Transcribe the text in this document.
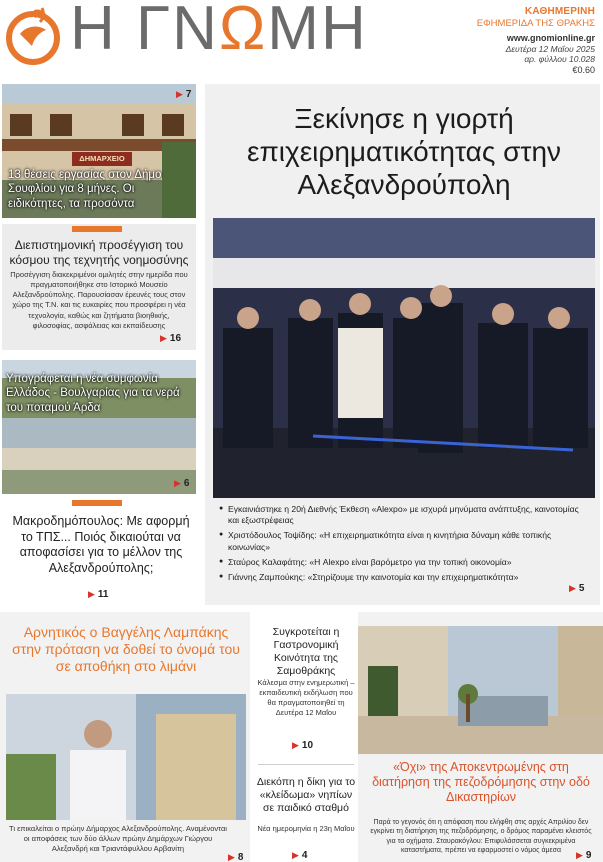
Η ΓΝΩΜΗ	ΚΑΘΗΜΕΡΙΝΗ
ΕΦΗΜΕΡΙΔΑ ΤΗΣ ΘΡΑΚΗΣ
www.gnomionline.gr
Δευτέρα 12 Μαΐου 2025
αρ. φύλλου 10.028
€0.60
ΔΗΜΑΡΧΕΙΟ
13 θέσεις εργασίας στον Δήμο Σουφλίου για 8 μήνες. Οι ειδικότητες, τα προσόντα
▶ 7
Διεπιστημονική προσέγγιση του κόσμου της τεχνητής νοημοσύνης
Προσέγγιση διακεκριμένοι ομιλητές στην ημερίδα που πραγματοποιήθηκε στο Ιστορικό Μουσείο Αλεξανδρούπολης. Παρουσίασαν έρευνές τους στον χώρο της Τ.Ν. και τις ευκαιρίες που προσφέρει η νέα τεχνολογία, καθώς και ζητήματα βιοηθικής, φιλοσοφίας, ασφάλειας και εκπαίδευσης
▶ 16
Υπογράφεται η νέα συμφωνία Ελλάδος - Βουλγαρίας για τα νερά του ποταμού Άρδα
▶ 6
Μακροδημόπουλος: Με αφορμή το ΤΠΣ... Ποιός δικαιούται να αποφασίσει για το μέλλον της Αλεξανδρούπολης;
▶ 11
Ξεκίνησε η γιορτή επιχειρηματικότητας στην Αλεξανδρούπολη
● Εγκαινιάστηκε η 20ή Διεθνής Έκθεση «Alexpo» με ισχυρά μηνύματα ανάπτυξης, καινοτομίας και εξωστρέφειας
● Χριστόδουλος Τοψίδης: «Η επιχειρηματικότητα είναι η κινητήρια δύναμη κάθε τοπικής κοινωνίας»
● Σταύρος Καλαφάτης: «Η Alexpo είναι βαρόμετρο για την τοπική οικονομία»
● Γιάννης Ζαμπούκης: «Στηρίζουμε την καινοτομία και την επιχειρηματικότητα»
▶ 5
Αρνητικός ο Βαγγέλης Λαμπάκης στην πρόταση να δοθεί το όνομά του σε αποθήκη στο λιμάνι
Τι επικαλείται ο πρώην Δήμαρχος Αλεξανδρούπολης. Αναμένονται οι αποφάσεις των δύο άλλων πρώην Δημάρχων Γιώργου Αλεξανδρή και Τριαντάφυλλου Αρβανίτη
▶ 8
Συγκροτείται η Γαστρονομική Κοινότητα της Σαμοθράκης
Κάλεσμα στην ενημερωτική – εκπαιδευτική εκδήλωση που θα πραγματοποιηθεί τη Δευτέρα 12 Μαΐου
▶ 10
Διεκόπη η δίκη για το «κλείδωμα» νηπίων σε παιδικό σταθμό
Νέα ημερομηνία η 23η Μαΐου
▶ 4
«Όχι» της Αποκεντρωμένης στη διατήρηση της πεζοδρόμησης στην οδό Δικαστηρίων
Παρά το γεγονός ότι η απόφαση που ελήφθη στις αρχές Απριλίου δεν εγκρίνει τη διατήρηση της πεζοδρόμησης, ο δρόμος παραμένει κλειστός για τα οχήματα. Σταυρακόγλου: Επιφυλάσσεται συγκεκριμένα καταστήματα, πρέπει να εφαρμοστεί ο νόμος άμεσα	▶ 9
